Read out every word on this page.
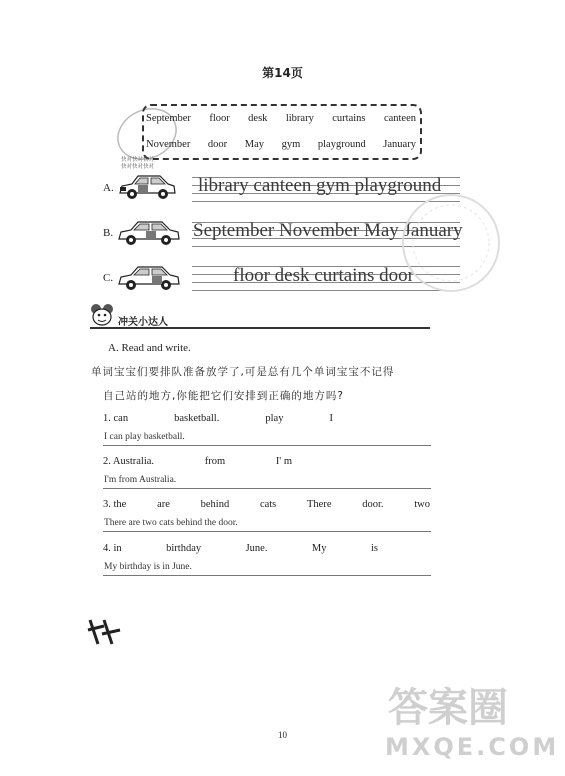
第14页
September floor desk library curtains canteen
November door May gym playground January
快对快对快对
快对快对快对
A.	library canteen gym playground
B.	September November May January
C.	floor desk curtains door
冲关小达人
A. Read and write.
单词宝宝们要排队准备放学了,可是总有几个单词宝宝不记得
自己站的地方,你能把它们安排到正确的地方吗?
1. can	basketball.	play	I
I can play basketball.
2. Australia.	from	I' m
I'm from Australia.
3. the	are	behind	cats	There	door.	two
There are two cats behind the door.
4. in	birthday	June.	My	is
My birthday is in June.
答案圈
MXQE.COM
10
